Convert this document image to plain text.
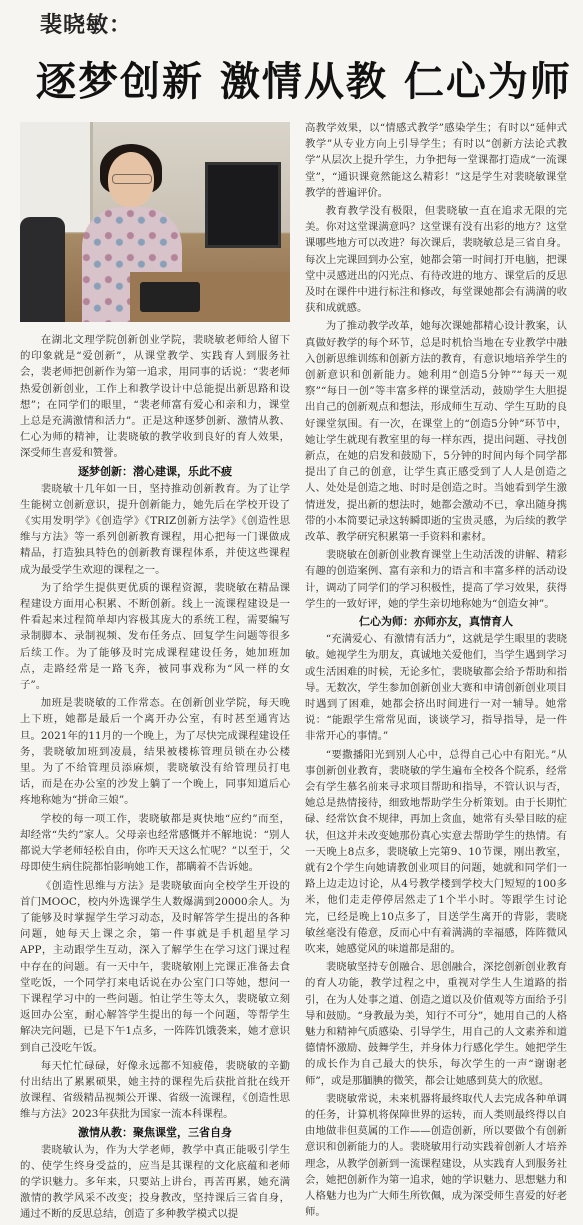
裴晓敏：
逐梦创新 激情从教 仁心为师

在湖北文理学院创新创业学院，裴晓敏老师给人留下的印象就是“爱创新”，从课堂教学、实践育人到服务社会，裴老师把创新作为第一追求，用同事的话说：“裴老师热爱创新创业，工作上和教学设计中总能提出新思路和设想”；在同学们的眼里，“裴老师富有爱心和亲和力，课堂上总是充满激情和活力”。正是这种逐梦创新、激情从教、仁心为师的精神，让裴晓敏的教学收到良好的育人效果，深受师生喜爱和赞誉。

逐梦创新：潜心建课，乐此不疲

裴晓敏十几年如一日，坚持推动创新教育。为了让学生能树立创新意识，提升创新能力，她先后在学校开设了《实用发明学》《创造学》《TRIZ创新方法学》《创造性思维与方法》等一系列创新教育课程，用心把每一门课做成精品，打造独具特色的创新教育课程体系，并使这些课程成为最受学生欢迎的课程之一。

为了给学生提供更优质的课程资源，裴晓敏在精品课程建设方面用心积累、不断创新。线上一流课程建设是一件看起来过程简单却内容极其庞大的系统工程，需要编写录制脚本、录制视频、发布任务点、回复学生问题等很多后续工作。为了能够及时完成课程建设任务，她加班加点，走路经常是一路飞奔，被同事戏称为“风一样的女子”。

加班是裴晓敏的工作常态。在创新创业学院，每天晚上下班，她都是最后一个离开办公室，有时甚至通宵达旦。2021年的11月的一个晚上，为了尽快完成课程建设任务，裴晓敏加班到凌晨，结果被楼栋管理员锁在办公楼里。为了不给管理员添麻烦，裴晓敏没有给管理员打电话，而是在办公室的沙发上躺了一个晚上，同事知道后心疼地称她为“拼命三娘”。

学校的每一项工作，裴晓敏都是爽快地“应约”而至，却经常“失约”家人。父母亲也经常感慨并不解地说：“别人都说大学老师轻松自由，你咋天天这么忙呢？”以至于，父母即使生病住院都怕影响她工作，都瞒着不告诉她。

《创造性思维与方法》是裴晓敏面向全校学生开设的首门MOOC，校内外选课学生人数爆满到20000余人。为了能够及时掌握学生学习动态，及时解答学生提出的各种问题，她每天上课之余，第一件事就是手机超星学习APP，主动跟学生互动，深入了解学生在学习这门课过程中存在的问题。有一天中午，裴晓敏刚上完课正准备去食堂吃饭，一个同学打来电话说在办公室门口等她，想问一下课程学习中的一些问题。怕让学生等太久，裴晓敏立刻返回办公室，耐心解答学生提出的每一个问题，等帮学生解决完问题，已是下午1点多，一阵阵饥饿袭来，她才意识到自己没吃午饭。

每天忙忙碌碌，好像永远都不知疲倦，裴晓敏的辛勤付出结出了累累硕果，她主持的课程先后获批首批在线开放课程、省级精品视频公开课、省级一流课程，《创造性思维与方法》2023年获批为国家一流本科课程。

激情从教：聚焦课堂，三省自身

裴晓敏认为，作为大学老师，教学中真正能吸引学生的、使学生终身受益的，应当是其课程的文化底蕴和老师的学识魅力。多年来，只要站上讲台，再苦再累，她充满激情的教学风采不改变；投身教改，坚持课后三省自身，通过不断的反思总结，创造了多种教学模式以提

高教学效果，以“情感式教学”感染学生；有时以“延伸式教学”从专业方向上引导学生；有时以“创新方法论式教学”从层次上提升学生，力争把每一堂课都打造成“一流课堂”，“通识课竟然能这么精彩！”这是学生对裴晓敏课堂教学的普遍评价。

教育教学没有极限，但裴晓敏一直在追求无限的完美。你对这堂课满意吗？这堂课有没有出彩的地方？这堂课哪些地方可以改进？每次课后，裴晓敏总是三省自身。每次上完课回到办公室，她都会第一时间打开电脑，把课堂中灵感迸出的闪光点、有待改进的地方、课堂后的反思及时在课件中进行标注和修改，每堂课她都会有满满的收获和成就感。

为了推动教学改革，她每次课她都精心设计教案，认真做好教学的每个环节，总是时机恰当地在专业教学中融入创新思维训练和创新方法的教育，有意识地培养学生的创新意识和创新能力。她利用“创造5分钟”“每天一观察”“每日一创”等丰富多样的课堂活动，鼓励学生大胆提出自己的创新观点和想法，形成师生互动、学生互助的良好课堂氛围。有一次，在课堂上的“创造5分钟”环节中，她让学生就现有教室里的每一样东西，提出问题、寻找创新点，在她的启发和鼓励下，5分钟的时间内每个同学都提出了自己的创意，让学生真正感受到了人人是创造之人、处处是创造之地、时时是创造之时。当她看到学生激情迸发，提出新的想法时，她都会激动不已，拿出随身携带的小本简要记录这转瞬即逝的宝贵灵感，为后续的教学改革、教学研究积累第一手资料和素材。

裴晓敏在创新创业教育课堂上生动活泼的讲解、精彩有趣的创造案例、富有亲和力的语言和丰富多样的活动设计，调动了同学们的学习积极性，提高了学习效果，获得学生的一致好评，她的学生亲切地称她为“创造女神”。

仁心为师：亦师亦友，真情育人

“充满爱心、有激情有活力”，这就是学生眼里的裴晓敏。她视学生为朋友，真诚地关爱他们，当学生遇到学习或生活困难的时候，无论多忙，裴晓敏都会给予帮助和指导。无数次，学生参加创新创业大赛和申请创新创业项目时遇到了困难，她都会挤出时间进行一对一辅导。她常说：“能跟学生常常见面，谈谈学习，指导指导，是一件非常开心的事情。”

“要撒播阳光到别人心中，总得自己心中有阳光。”从事创新创业教育，裴晓敏的学生遍布全校各个院系，经常会有学生慕名前来寻求项目帮助和指导，不管认识与否，她总是热情接待，细致地帮助学生分析策划。由于长期忙碌、经常饮食不规律，再加上贪血，她常有头晕目眩的症状，但这并未改变她那份真心实意去帮助学生的热情。有一天晚上8点多，裴晓敏上完第9、10节课，刚出教室，就有2个学生向她请教创业项目的问题，她就和同学们一路上边走边讨论，从4号教学楼到学校大门短短的100多米，他们走走停停居然走了1个半小时。等跟学生讨论完，已经是晚上10点多了，目送学生离开的背影，裴晓敏丝毫没有倦意，反而心中有着满满的幸福感，阵阵微风吹来，她感觉风的味道都是甜的。

裴晓敏坚持专创融合、思创融合，深挖创新创业教育的育人功能，教学过程之中，重视对学生人生道路的指引，在为人处事之道、创造之道以及价值观等方面给予引导和鼓励。“身教最为美，知行不可分”，她用自己的人格魅力和精神气质感染、引导学生，用自己的人文素养和道德情怀激励、鼓舞学生，并身体力行感化学生。她把学生的成长作为自己最大的快乐，每次学生的一声“谢谢老师”，或是那腼腆的微笑，都会让她感到莫大的欣慰。

裴晓敏常说，未来机器将最终取代人去完成各种单调的任务，计算机将保障世界的运转，而人类则最终得以自由地做非但莫属的工作——创造创新，所以要做个有创新意识和创新能力的人。裴晓敏用行动实践着创新人才培养理念，从教学创新到一流课程建设，从实践育人到服务社会，她把创新作为第一追求，她的学识魅力、思想魅力和人格魅力也为广大师生所钦佩，成为深受师生喜爱的好老师。
